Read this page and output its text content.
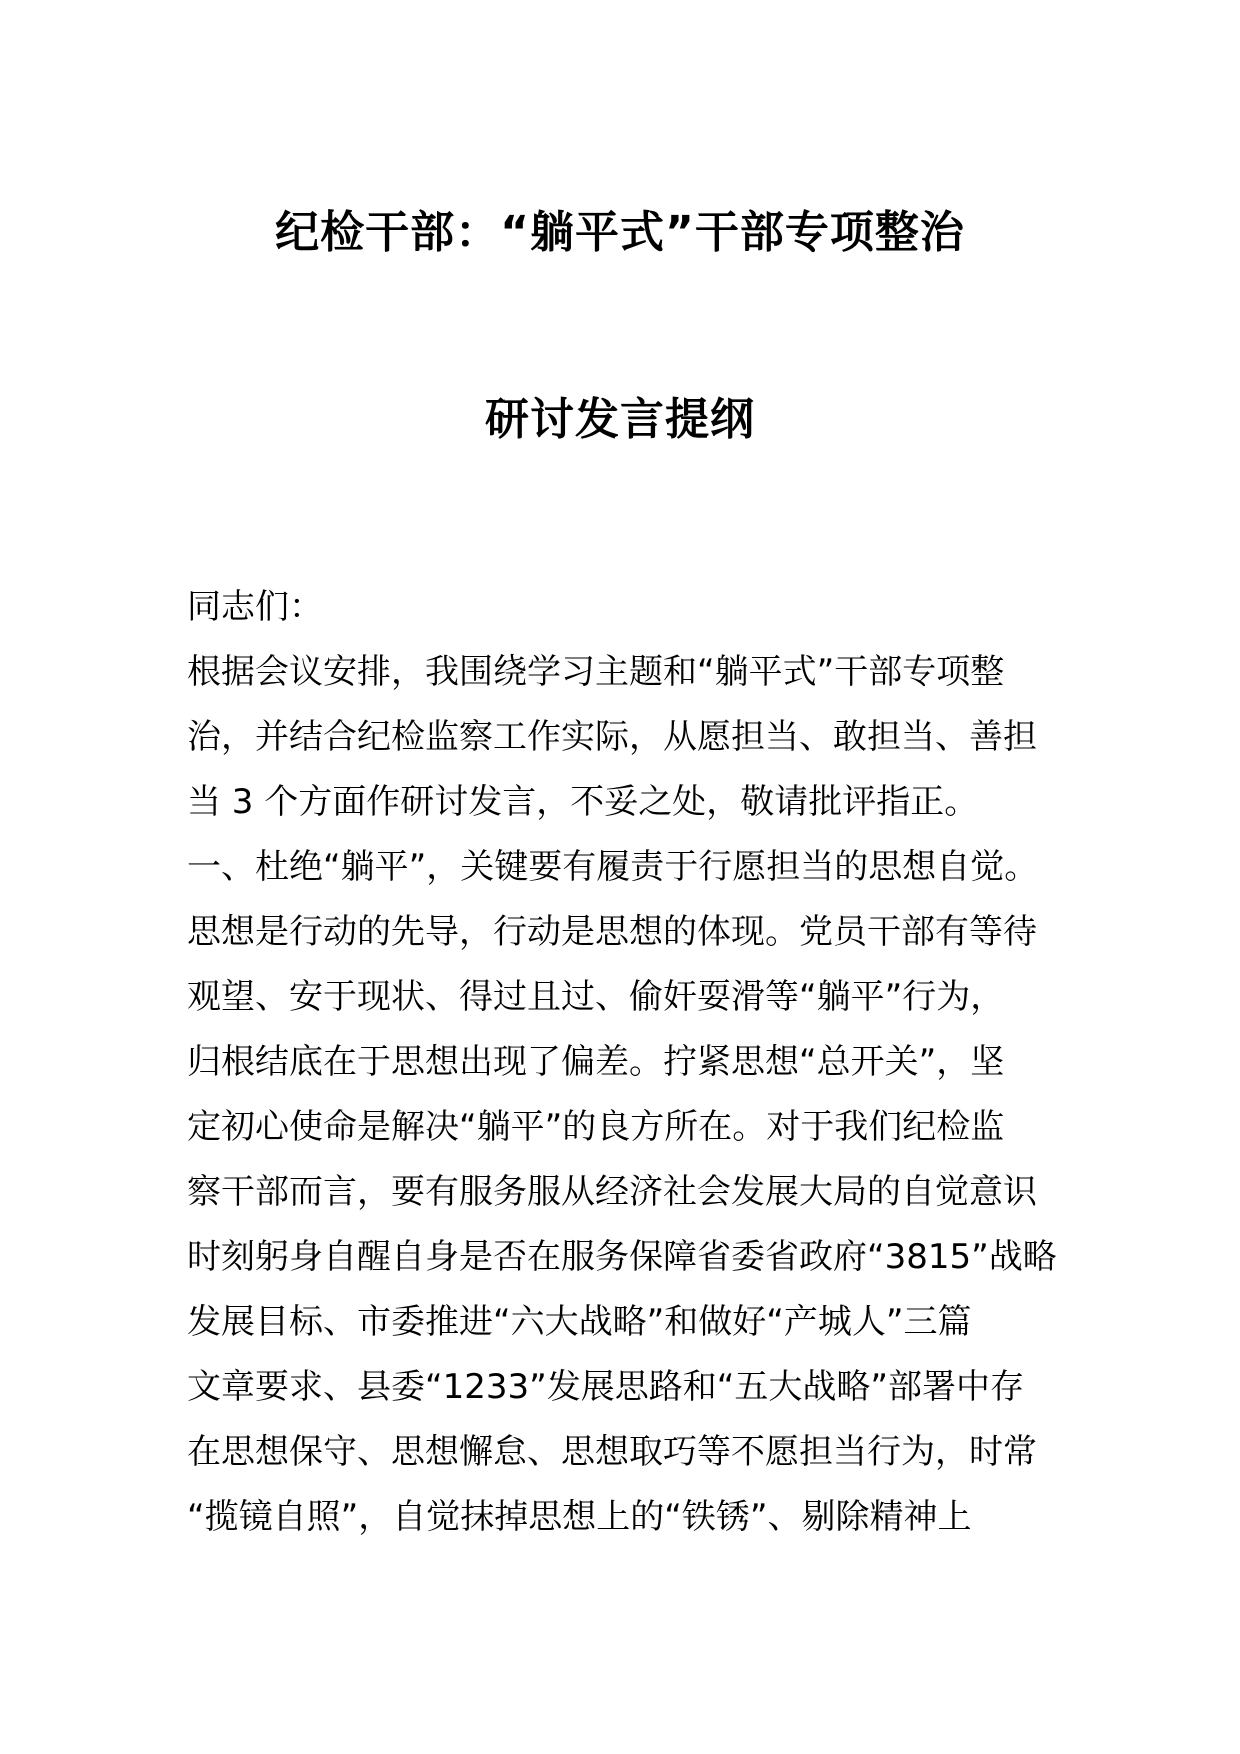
纪检干部：“躺平式”干部专项整治
研讨发言提纲
同志们：
根据会议安排，我围绕学习主题和“躺平式”干部专项整
治，并结合纪检监察工作实际，从愿担当、敢担当、善担
当 3 个方面作研讨发言，不妥之处，敬请批评指正。
一、杜绝“躺平”，关键要有履责于行愿担当的思想自觉。
思想是行动的先导，行动是思想的体现。党员干部有等待
观望、安于现状、得过且过、偷奸耍滑等“躺平”行为，
归根结底在于思想出现了偏差。拧紧思想“总开关”，坚
定初心使命是解决“躺平”的良方所在。对于我们纪检监
察干部而言，要有服务服从经济社会发展大局的自觉意识
时刻躬身自醒自身是否在服务保障省委省政府“3815”战略
发展目标、市委推进“六大战略”和做好“产城人”三篇
文章要求、县委“1233”发展思路和“五大战略”部署中存
在思想保守、思想懈怠、思想取巧等不愿担当行为，时常
“揽镜自照”，自觉抹掉思想上的“铁锈”、剔除精神上
